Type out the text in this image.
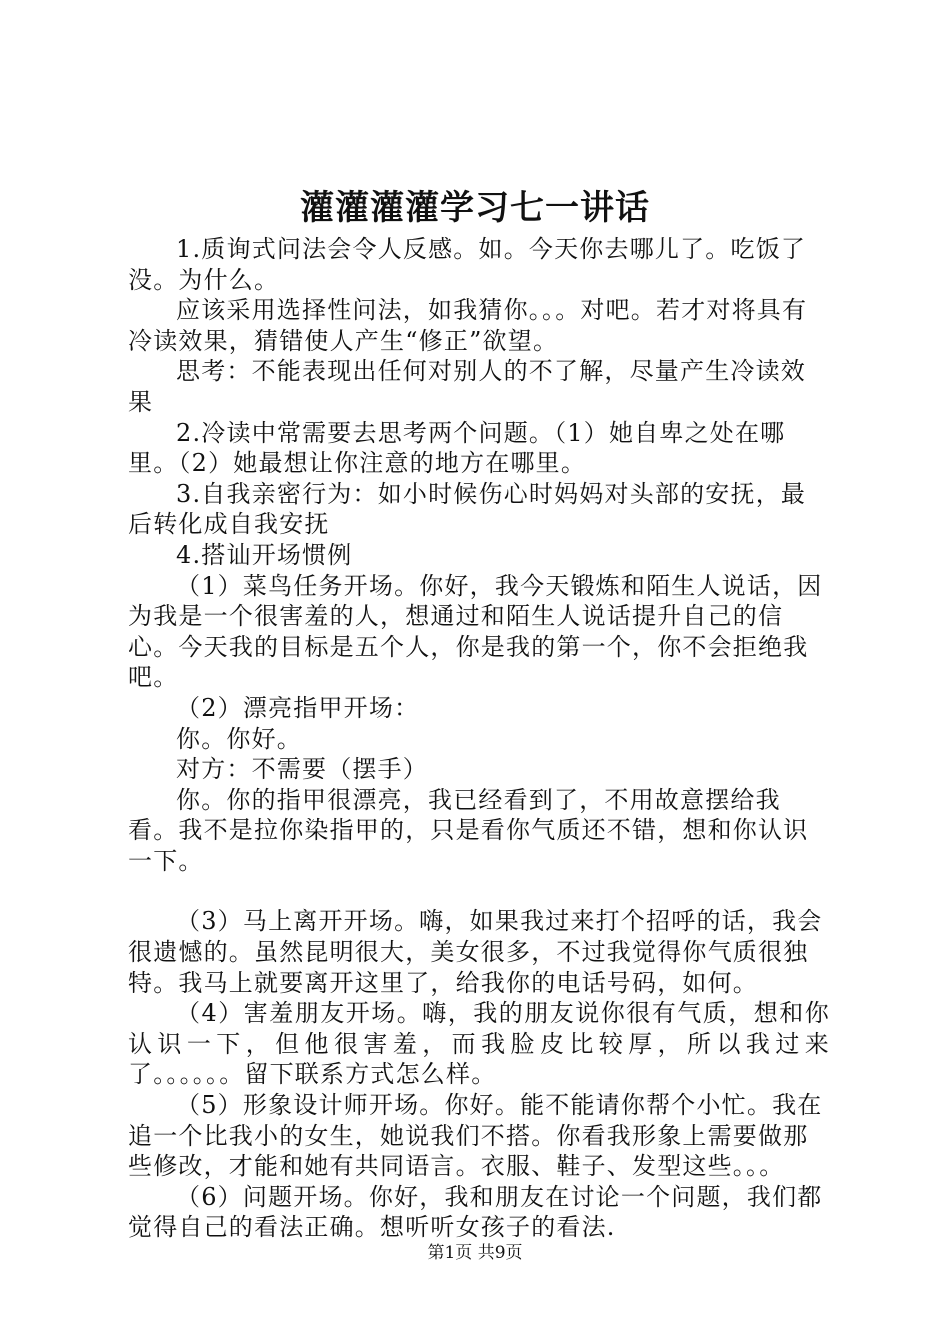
灌灌灌灌学习七一讲话

1.质询式问法会令人反感。如。今天你去哪儿了。吃饭了没。为什么。

应该采用选择性问法，如我猜你。。。对吧。若才对将具有冷读效果，猜错使人产生“修正”欲望。

思考：不能表现出任何对别人的不了解，尽量产生冷读效果

2.冷读中常需要去思考两个问题。（1）她自卑之处在哪里。（2）她最想让你注意的地方在哪里。

3.自我亲密行为：如小时候伤心时妈妈对头部的安抚，最后转化成自我安抚

4.搭讪开场惯例

（1）菜鸟任务开场。你好，我今天锻炼和陌生人说话，因为我是一个很害羞的人，想通过和陌生人说话提升自己的信心。今天我的目标是五个人，你是我的第一个，你不会拒绝我吧。

（2）漂亮指甲开场：

你。你好。

对方：不需要（摆手）

你。你的指甲很漂亮，我已经看到了，不用故意摆给我看。我不是拉你染指甲的，只是看你气质还不错，想和你认识一下。

（3）马上离开开场。嗨，如果我过来打个招呼的话，我会很遗憾的。虽然昆明很大，美女很多，不过我觉得你气质很独特。我马上就要离开这里了，给我你的电话号码，如何。

（4）害羞朋友开场。嗨，我的朋友说你很有气质，想和你认识一下，但他很害羞，而我脸皮比较厚，所以我过来了。。。。。。留下联系方式怎么样。

（5）形象设计师开场。你好。能不能请你帮个小忙。我在追一个比我小的女生，她说我们不搭。你看我形象上需要做那些修改，才能和她有共同语言。衣服、鞋子、发型这些。。。

（6）问题开场。你好，我和朋友在讨论一个问题，我们都觉得自己的看法正确。想听听女孩子的看法.

第1页 共9页
